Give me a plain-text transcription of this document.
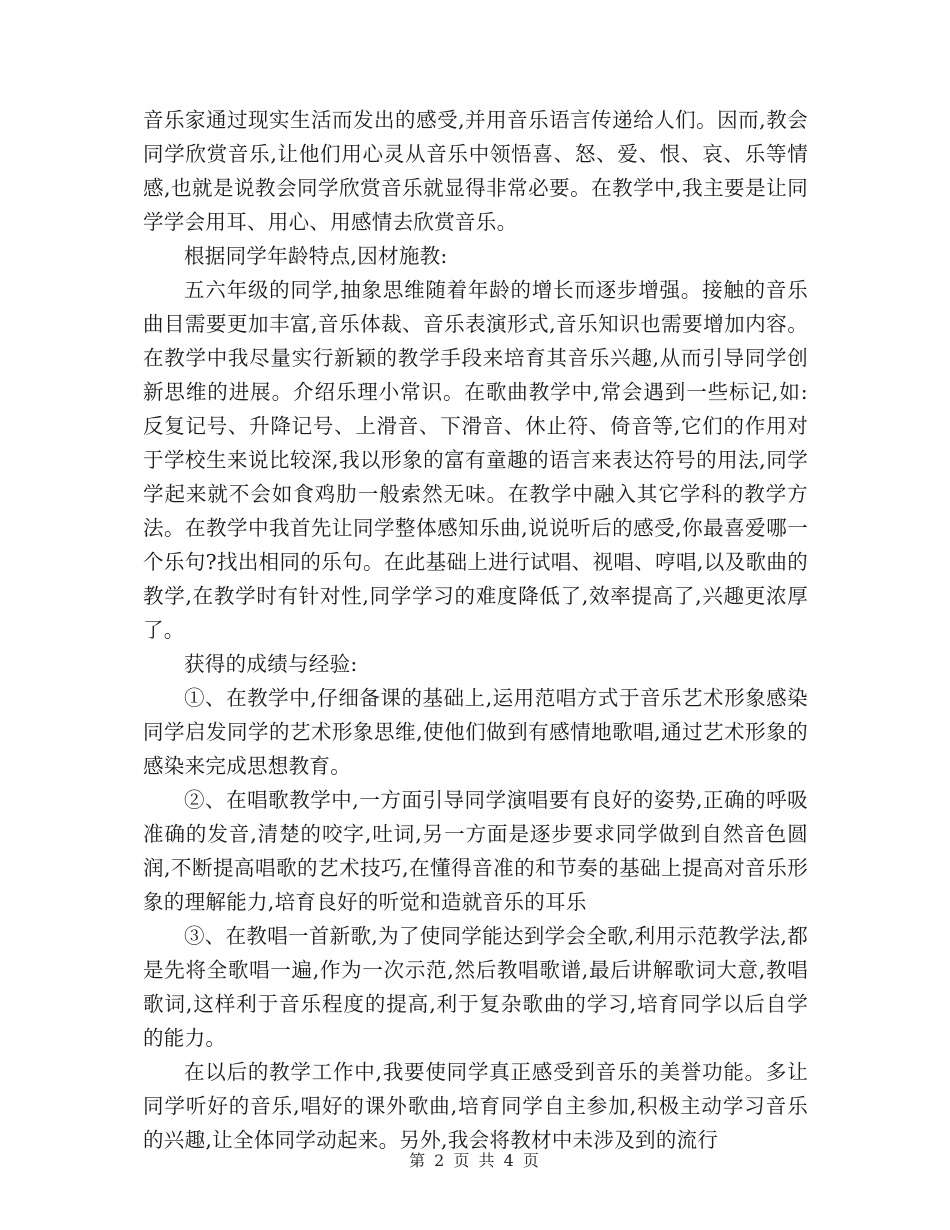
音乐家通过现实生活而发出的感受,并用音乐语言传递给人们。因而,教会同学欣赏音乐,让他们用心灵从音乐中领悟喜、怒、爱、恨、哀、乐等情感,也就是说教会同学欣赏音乐就显得非常必要。在教学中,我主要是让同学学会用耳、用心、用感情去欣赏音乐。

根据同学年龄特点,因材施教:

五六年级的同学,抽象思维随着年龄的增长而逐步增强。接触的音乐曲目需要更加丰富,音乐体裁、音乐表演形式,音乐知识也需要增加内容。在教学中我尽量实行新颖的教学手段来培育其音乐兴趣,从而引导同学创新思维的进展。介绍乐理小常识。在歌曲教学中,常会遇到一些标记,如:反复记号、升降记号、上滑音、下滑音、休止符、倚音等,它们的作用对于学校生来说比较深,我以形象的富有童趣的语言来表达符号的用法,同学学起来就不会如食鸡肋一般索然无味。在教学中融入其它学科的教学方法。在教学中我首先让同学整体感知乐曲,说说听后的感受,你最喜爱哪一个乐句?找出相同的乐句。在此基础上进行试唱、视唱、哼唱,以及歌曲的教学,在教学时有针对性,同学学习的难度降低了,效率提高了,兴趣更浓厚了。

获得的成绩与经验:

①、在教学中,仔细备课的基础上,运用范唱方式于音乐艺术形象感染同学启发同学的艺术形象思维,使他们做到有感情地歌唱,通过艺术形象的感染来完成思想教育。

②、在唱歌教学中,一方面引导同学演唱要有良好的姿势,正确的呼吸准确的发音,清楚的咬字,吐词,另一方面是逐步要求同学做到自然音色圆润,不断提高唱歌的艺术技巧,在懂得音准的和节奏的基础上提高对音乐形象的理解能力,培育良好的听觉和造就音乐的耳乐

③、在教唱一首新歌,为了使同学能达到学会全歌,利用示范教学法,都是先将全歌唱一遍,作为一次示范,然后教唱歌谱,最后讲解歌词大意,教唱歌词,这样利于音乐程度的提高,利于复杂歌曲的学习,培育同学以后自学的能力。

在以后的教学工作中,我要使同学真正感受到音乐的美誉功能。多让同学听好的音乐,唱好的课外歌曲,培育同学自主参加,积极主动学习音乐的兴趣,让全体同学动起来。另外,我会将教材中未涉及到的流行

第 2 页 共 4 页
